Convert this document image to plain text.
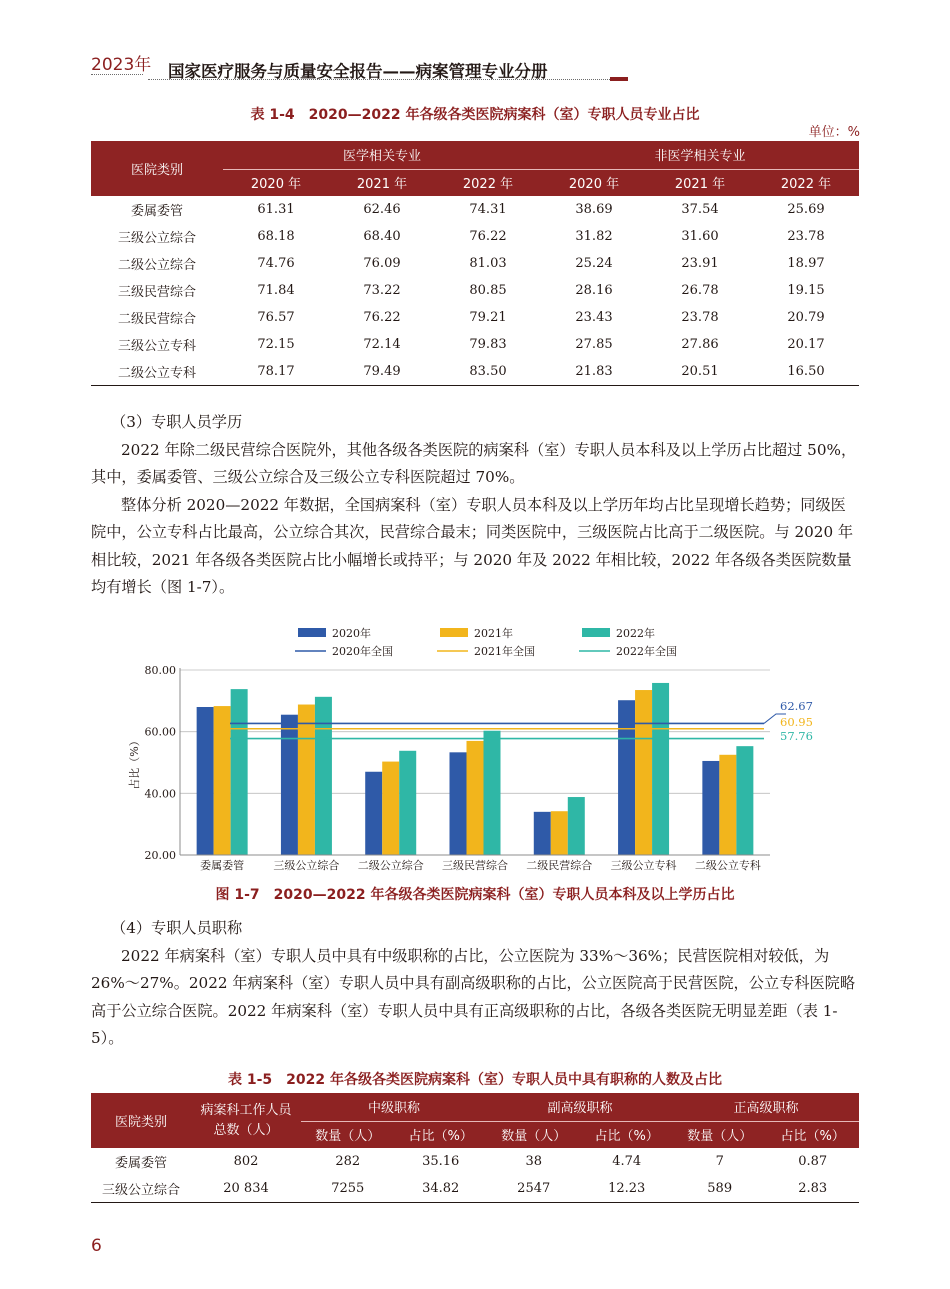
2023年 国家医疗服务与质量安全报告——病案管理专业分册
表 1-4　2020—2022 年各级各类医院病案科（室）专职人员专业占比
单位：%
医院类别	医学相关专业			非医学相关专业		
	2020 年	2021 年	2022 年	2020 年	2021 年	2022 年
委属委管	61.31	62.46	74.31	38.69	37.54	25.69
三级公立综合	68.18	68.40	76.22	31.82	31.60	23.78
二级公立综合	74.76	76.09	81.03	25.24	23.91	18.97
三级民营综合	71.84	73.22	80.85	28.16	26.78	19.15
二级民营综合	76.57	76.22	79.21	23.43	23.78	20.79
三级公立专科	72.15	72.14	79.83	27.85	27.86	20.17
二级公立专科	78.17	79.49	83.50	21.83	20.51	16.50

（3）专职人员学历

2022 年除二级民营综合医院外，其他各级各类医院的病案科（室）专职人员本科及以上学历占比超过 50%，其中，委属委管、三级公立综合及三级公立专科医院超过 70%。

整体分析 2020—2022 年数据，全国病案科（室）专职人员本科及以上学历年均占比呈现增长趋势；同级医院中，公立专科占比最高，公立综合其次，民营综合最末；同类医院中，三级医院占比高于二级医院。与 2020 年相比较，2021 年各级各类医院占比小幅增长或持平；与 2020 年及 2022 年相比较，2022 年各级各类医院数量均有增长（图 1-7）。

2020年	2021年	2022年
2020年全国	2021年全国	2022年全国
62.67
60.95
57.76
20.00
40.00
60.00
80.00
占比（%）
委属委管	三级公立综合 二级公立综合 三级民营综合 二级民营综合 三级公立专科 二级公立专科
图 1-7　2020—2022 年各级各类医院病案科（室）专职人员本科及以上学历占比

（4）专职人员职称

2022 年病案科（室）专职人员中具有中级职称的占比，公立医院为 33%～36%；民营医院相对较低，为 26%～27%。2022 年病案科（室）专职人员中具有副高级职称的占比，公立医院高于民营医院，公立专科医院略高于公立综合医院。2022 年病案科（室）专职人员中具有正高级职称的占比，各级各类医院无明显差距（表 1-5）。

表 1-5　2022 年各级各类医院病案科（室）专职人员中具有职称的人数及占比
医院类别	病案科工作人员
总数（人）	中级职称		副高级职称		正高级职称	
		数量（人）	占比（%）	数量（人）	占比（%）	数量（人）	占比（%）
委属委管	802	282	35.16	38	4.74	7	0.87
三级公立综合	20 834	7255	34.82	2547	12.23	589	2.83
6
